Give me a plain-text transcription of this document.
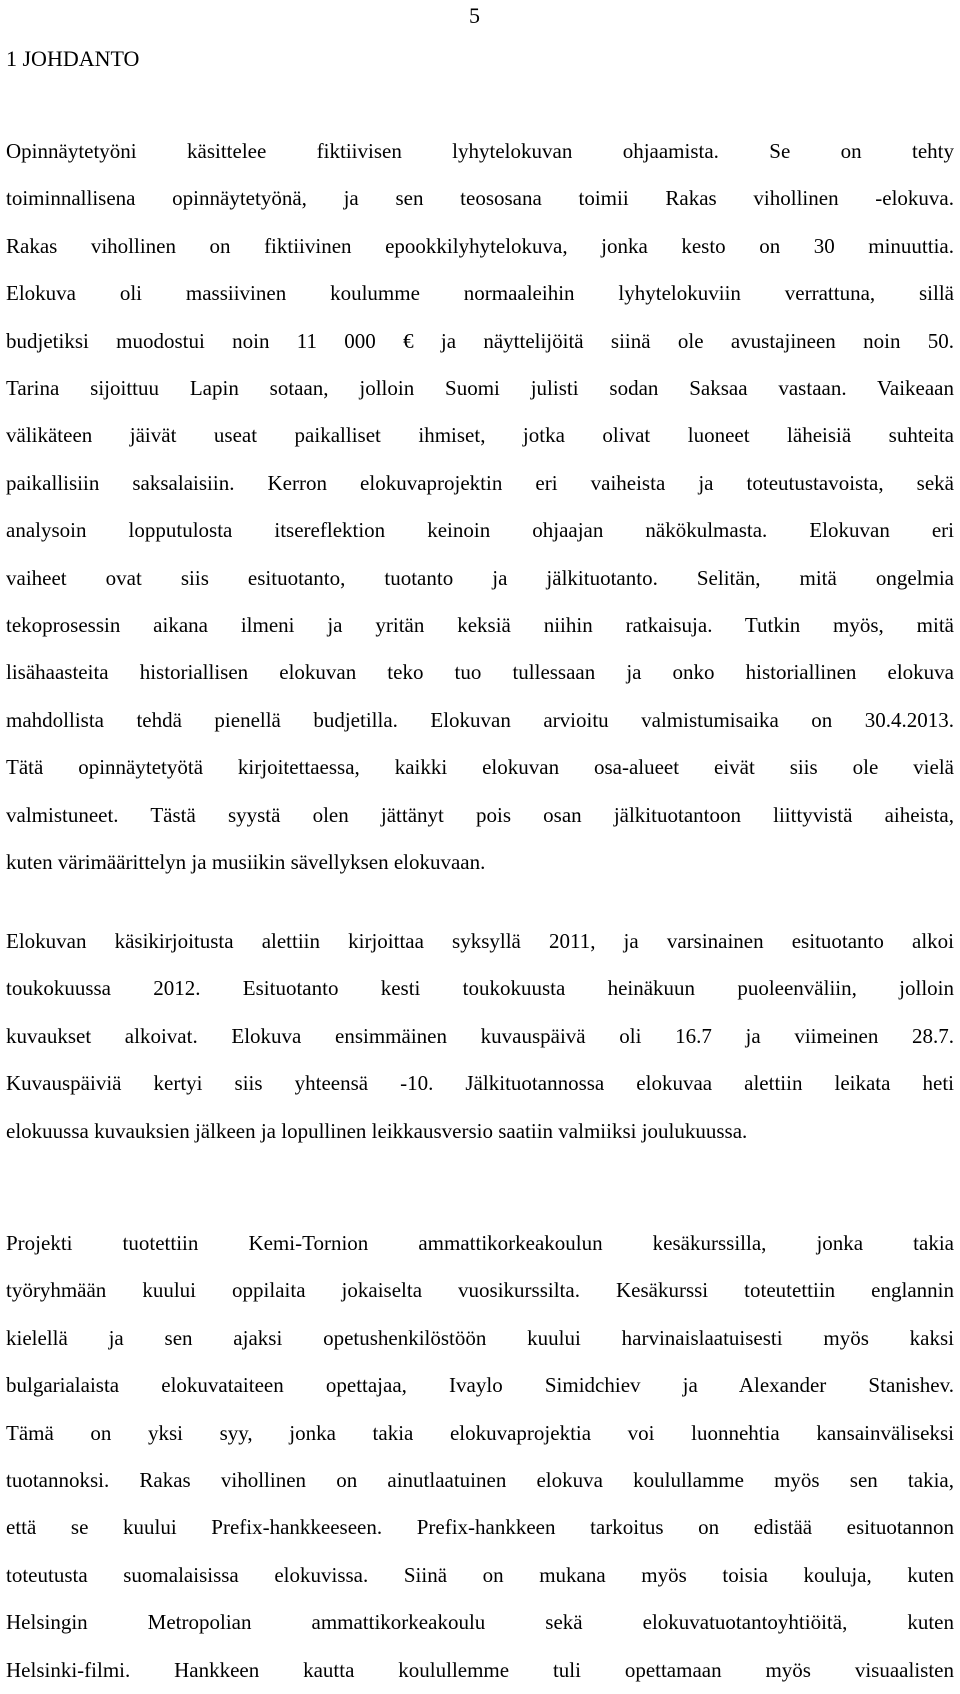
5
1 JOHDANTO
Opinnäytetyöni käsittelee fiktiivisen lyhytelokuvan ohjaamista. Se on tehty
toiminnallisena opinnäytetyönä, ja sen teososana toimii Rakas vihollinen -elokuva.
Rakas vihollinen on fiktiivinen epookkilyhytelokuva, jonka kesto on 30 minuuttia.
Elokuva oli massiivinen koulumme normaaleihin lyhytelokuviin verrattuna, sillä
budjetiksi muodostui noin 11 000 € ja näyttelijöitä siinä ole avustajineen noin 50.
Tarina sijoittuu Lapin sotaan, jolloin Suomi julisti sodan Saksaa vastaan. Vaikeaan
välikäteen jäivät useat paikalliset ihmiset, jotka olivat luoneet läheisiä suhteita
paikallisiin saksalaisiin. Kerron elokuvaprojektin eri vaiheista ja toteutustavoista, sekä
analysoin lopputulosta itsereflektion keinoin ohjaajan näkökulmasta. Elokuvan eri
vaiheet ovat siis esituotanto, tuotanto ja jälkituotanto. Selitän, mitä ongelmia
tekoprosessin aikana ilmeni ja yritän keksiä niihin ratkaisuja. Tutkin myös, mitä
lisähaasteita historiallisen elokuvan teko tuo tullessaan ja onko historiallinen elokuva
mahdollista tehdä pienellä budjetilla. Elokuvan arvioitu valmistumisaika on 30.4.2013.
Tätä opinnäytetyötä kirjoitettaessa, kaikki elokuvan osa-alueet eivät siis ole vielä
valmistuneet. Tästä syystä olen jättänyt pois osan jälkituotantoon liittyvistä aiheista,
kuten värimäärittelyn ja musiikin sävellyksen elokuvaan.
Elokuvan käsikirjoitusta alettiin kirjoittaa syksyllä 2011, ja varsinainen esituotanto alkoi
toukokuussa 2012. Esituotanto kesti toukokuusta heinäkuun puoleenväliin, jolloin
kuvaukset alkoivat. Elokuva ensimmäinen kuvauspäivä oli 16.7 ja viimeinen 28.7.
Kuvauspäiviä kertyi siis yhteensä -10. Jälkituotannossa elokuvaa alettiin leikata heti
elokuussa kuvauksien jälkeen ja lopullinen leikkausversio saatiin valmiiksi joulukuussa.
Projekti tuotettiin Kemi-Tornion ammattikorkeakoulun kesäkurssilla, jonka takia
työryhmään kuului oppilaita jokaiselta vuosikurssilta. Kesäkurssi toteutettiin englannin
kielellä ja sen ajaksi opetushenkilöstöön kuului harvinaislaatuisesti myös kaksi
bulgarialaista elokuvataiteen opettajaa, Ivaylo Simidchiev ja Alexander Stanishev.
Tämä on yksi syy, jonka takia elokuvaprojektia voi luonnehtia kansainväliseksi
tuotannoksi. Rakas vihollinen on ainutlaatuinen elokuva koulullamme myös sen takia,
että se kuului Prefix-hankkeeseen. Prefix-hankkeen tarkoitus on edistää esituotannon
toteutusta suomalaisissa elokuvissa. Siinä on mukana myös toisia kouluja, kuten
Helsingin Metropolian ammattikorkeakoulu sekä elokuvatuotantoyhtiöitä, kuten
Helsinki-filmi. Hankkeen kautta koulullemme tuli opettamaan myös visuaalisten
